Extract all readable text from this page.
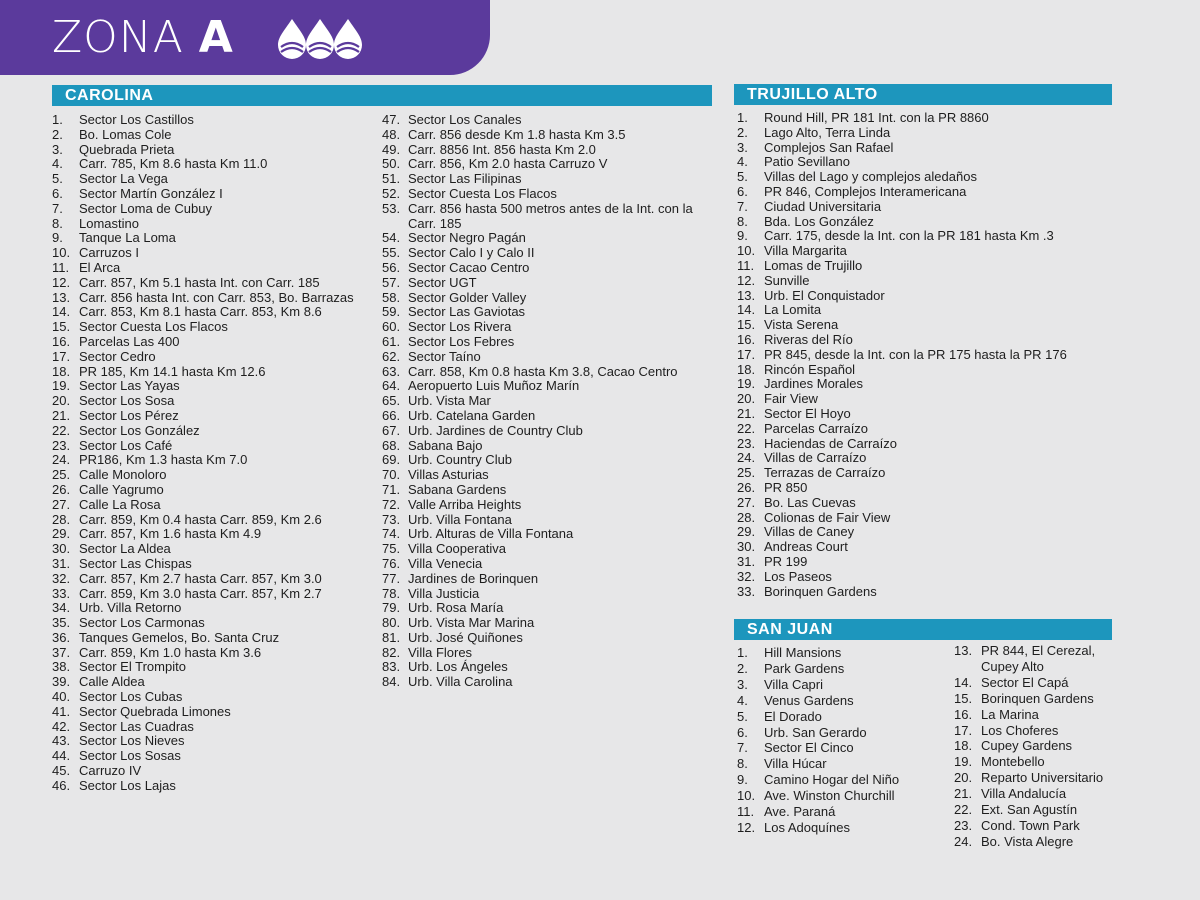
ZONA A
CAROLINA	TRUJILLO ALTO
SAN JUAN
1.	Sector Los Castillos
2.	Bo. Lomas Cole
3.	Quebrada Prieta
4.	Carr. 785, Km 8.6 hasta Km 11.0
5.	Sector La Vega
6.	Sector Martín González I
7.	Sector Loma de Cubuy
8.	Lomastino
9.	Tanque La Loma
10. Carruzos I
11. El Arca
12. Carr. 857, Km 5.1 hasta Int. con Carr. 185
13. Carr. 856 hasta Int. con Carr. 853, Bo. Barrazas
14. Carr. 853, Km 8.1 hasta Carr. 853, Km 8.6
15. Sector Cuesta Los Flacos
16. Parcelas Las 400
17. Sector Cedro
18. PR 185, Km 14.1 hasta Km 12.6
19. Sector Las Yayas
20. Sector Los Sosa
21. Sector Los Pérez
22. Sector Los González
23. Sector Los Café
24. PR186, Km 1.3 hasta Km 7.0
25. Calle Monoloro
26. Calle Yagrumo
27. Calle La Rosa
28. Carr. 859, Km 0.4 hasta Carr. 859, Km 2.6
29. Carr. 857, Km 1.6 hasta Km 4.9
30. Sector La Aldea
31. Sector Las Chispas
32. Carr. 857, Km 2.7 hasta Carr. 857, Km 3.0
33. Carr. 859, Km 3.0 hasta Carr. 857, Km 2.7
34. Urb. Villa Retorno
35. Sector Los Carmonas
36. Tanques Gemelos, Bo. Santa Cruz
37. Carr. 859, Km 1.0 hasta Km 3.6
38. Sector El Trompito
39. Calle Aldea
40. Sector Los Cubas
41. Sector Quebrada Limones
42. Sector Las Cuadras
43. Sector Los Nieves
44. Sector Los Sosas
45. Carruzo IV
46. Sector Los Lajas
47. Sector Los Canales
48. Carr. 856 desde Km 1.8 hasta Km 3.5
49. Carr. 8856 Int. 856 hasta Km 2.0
50. Carr. 856, Km 2.0 hasta Carruzo V
51. Sector Las Filipinas
52. Sector Cuesta Los Flacos
53. Carr. 856 hasta 500 metros antes de la Int. con la Carr. 185
54. Sector Negro Pagán
55. Sector Calo I y Calo II
56. Sector Cacao Centro
57. Sector UGT
58. Sector Golder Valley
59. Sector Las Gaviotas
60. Sector Los Rivera
61. Sector Los Febres
62. Sector Taíno
63. Carr. 858, Km 0.8 hasta Km 3.8, Cacao Centro
64. Aeropuerto Luis Muñoz Marín
65. Urb. Vista Mar
66. Urb. Catelana Garden
67. Urb. Jardines de Country Club
68. Sabana Bajo
69. Urb. Country Club
70. Villas Asturias
71. Sabana Gardens
72. Valle Arriba Heights
73. Urb. Villa Fontana
74. Urb. Alturas de Villa Fontana
75. Villa Cooperativa
76. Villa Venecia
77. Jardines de Borinquen
78. Villa Justicia
79. Urb. Rosa María
80. Urb. Vista Mar Marina
81. Urb. José Quiñones
82. Villa Flores
83. Urb. Los Ángeles
84. Urb. Villa Carolina
1.	Round Hill, PR 181 Int. con la PR 8860
2.	Lago Alto, Terra Linda
3.	Complejos San Rafael
4.	Patio Sevillano
5.	Villas del Lago y complejos aledaños
6.	PR 846, Complejos Interamericana
7.	Ciudad Universitaria
8.	Bda. Los González
9.	Carr. 175, desde la Int. con la PR 181 hasta Km .3
10. Villa Margarita
11. Lomas de Trujillo
12. Sunville
13. Urb. El Conquistador
14. La Lomita
15. Vista Serena
16. Riveras del Río
17. PR 845, desde la Int. con la PR 175 hasta la PR 176
18. Rincón Español
19. Jardines Morales
20. Fair View
21. Sector El Hoyo
22. Parcelas Carraízo
23. Haciendas de Carraízo
24. Villas de Carraízo
25. Terrazas de Carraízo
26. PR 850
27. Bo. Las Cuevas
28. Colionas de Fair View
29. Villas de Caney
30. Andreas Court
31. PR 199
32. Los Paseos
33. Borinquen Gardens
1.	Hill Mansions
2.	Park Gardens
3.	Villa Capri
4.	Venus Gardens
5.	El Dorado
6.	Urb. San Gerardo
7.	Sector El Cinco
8.	Villa Húcar
9.	Camino Hogar del Niño
10. Ave. Winston Churchill
11. Ave. Paraná
12. Los Adoquínes
13. PR 844, El Cerezal, Cupey Alto
14. Sector El Capá
15. Borinquen Gardens
16. La Marina
17. Los Choferes
18. Cupey Gardens
19. Montebello
20. Reparto Universitario
21. Villa Andalucía
22. Ext. San Agustín
23. Cond. Town Park
24. Bo. Vista Alegre
